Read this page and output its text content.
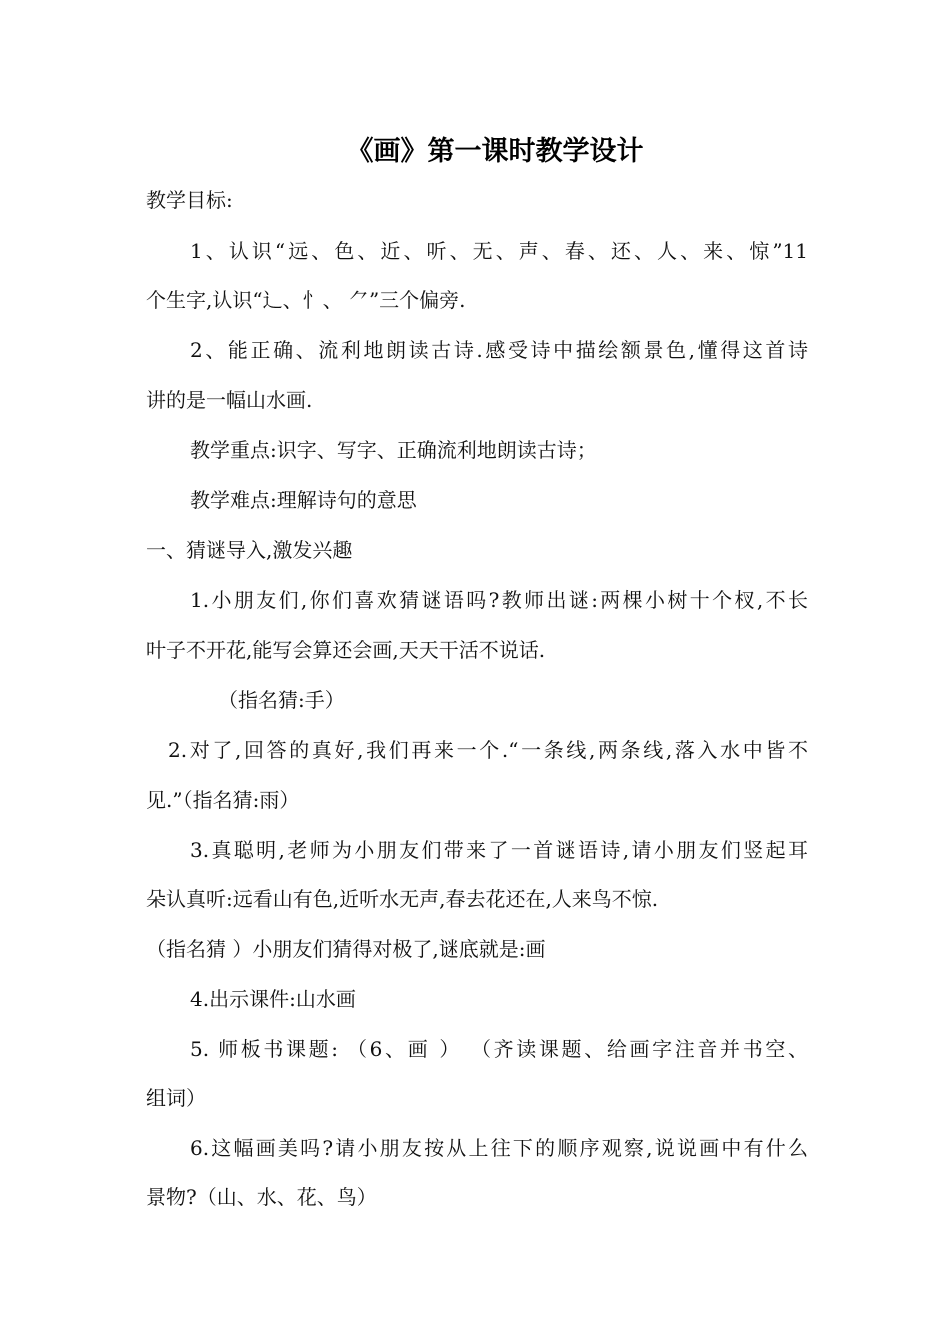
《画》第一课时教学设计
教学目标:
1、认识“远、色、近、听、无、声、春、还、人、来、惊”11
个生字,认识“辶、忄、 ⺈”三个偏旁.
2、能正确、流利地朗读古诗.感受诗中描绘额景色,懂得这首诗
讲的是一幅山水画.
教学重点:识字、写字、正确流利地朗读古诗；
教学难点:理解诗句的意思
一、猜谜导入,激发兴趣
1.小朋友们,你们喜欢猜谜语吗?教师出谜:两棵小树十个杈,不长
叶子不开花,能写会算还会画,天天干活不说话.
（指名猜:手）
2.对了,回答的真好,我们再来一个.“一条线,两条线,落入水中皆不
见.”（指名猜:雨）
3.真聪明,老师为小朋友们带来了一首谜语诗,请小朋友们竖起耳
朵认真听:远看山有色,近听水无声,春去花还在,人来鸟不惊.
（指名猜 ）小朋友们猜得对极了,谜底就是:画
4.出示课件:山水画
5. 师板书课题: （6、画 ） （齐读课题、给画字注音并书空、
组词）
6.这幅画美吗?请小朋友按从上往下的顺序观察,说说画中有什么
景物?（山、水、花、鸟）
